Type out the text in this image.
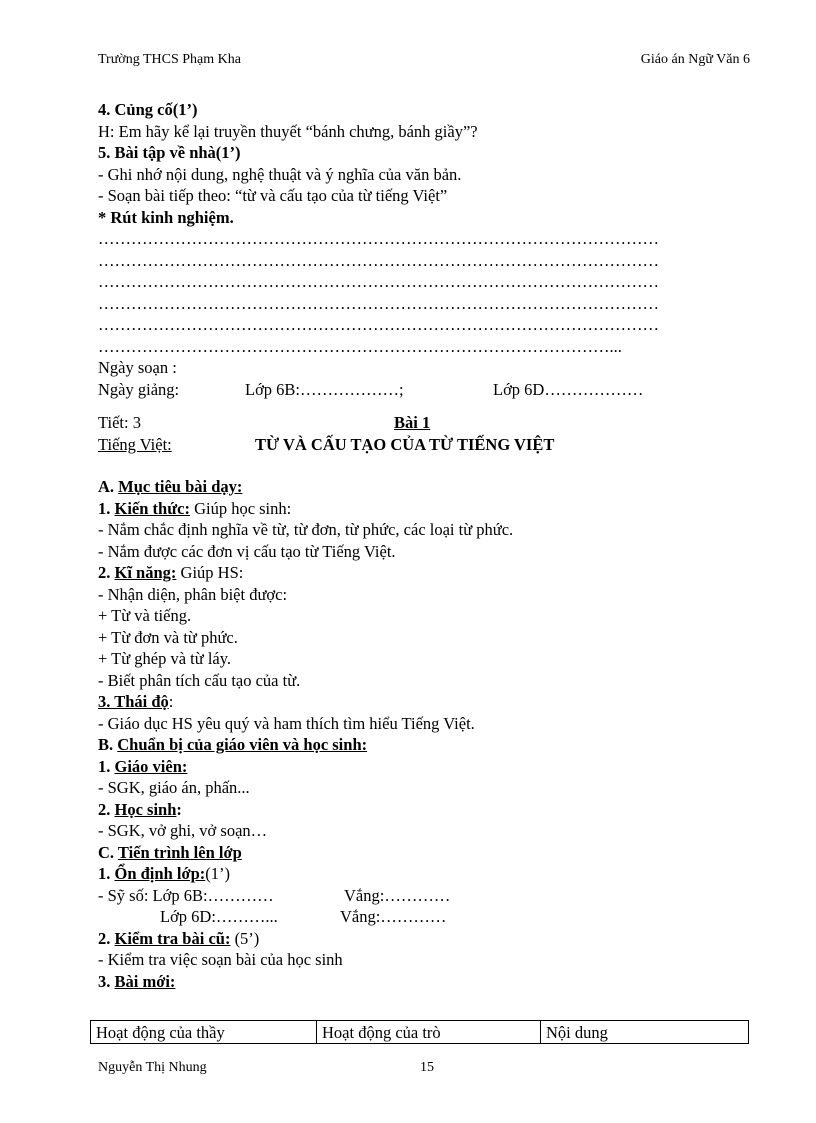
Trường THCS Phạm Kha	Giáo án Ngữ Văn 6
4. Củng cố(1’)
H: Em hãy kể lại truyền thuyết “bánh chưng, bánh giầy”?
5. Bài tập về nhà(1’)
- Ghi nhớ nội dung, nghệ thuật và ý nghĩa của văn bản.
- Soạn bài tiếp theo: “từ và cấu tạo của từ tiếng Việt”
* Rút kinh nghiệm.
…………………………………………………………………………………………
…………………………………………………………………………………………
…………………………………………………………………………………………
…………………………………………………………………………………………
…………………………………………………………………………………………
…………………………………………………………………………………...
Ngày soạn :
Ngày giảng:	Lớp 6B:………………;	Lớp 6D………………
Tiết: 3	Bài 1
Tiếng Việt:	TỪ VÀ CẤU TẠO CỦA TỪ TIẾNG VIỆT
A. Mục tiêu bài dạy:
1. Kiến thức: Giúp học sinh:
- Nắm chắc định nghĩa về từ, từ đơn, từ phức, các loại từ phức.
- Nắm được các đơn vị cấu tạo từ Tiếng Việt.
2. Kĩ năng: Giúp HS:
- Nhận diện, phân biệt được:
+ Từ và tiếng.
+ Từ đơn và từ phức.
+ Từ ghép và từ láy.
- Biết phân tích cấu tạo của từ.
3. Thái độ:
- Giáo dục HS yêu quý và ham thích tìm hiểu Tiếng Việt.
B. Chuẩn bị của giáo viên và học sinh:
1. Giáo viên:
- SGK, giáo án, phấn...
2. Học sinh:
- SGK, vở ghi, vở soạn…
C. Tiến trình lên lớp
1. Ổn định lớp:(1’)
- Sỹ số: Lớp 6B:…………	Vắng:…………
Lớp 6D:………...	Vắng:…………
2. Kiểm tra bài cũ: (5’)
- Kiểm tra việc soạn bài của học sinh
3. Bài mới:
Hoạt động của thầy	Hoạt động của trò	Nội dung
Nguyễn Thị Nhung	15
